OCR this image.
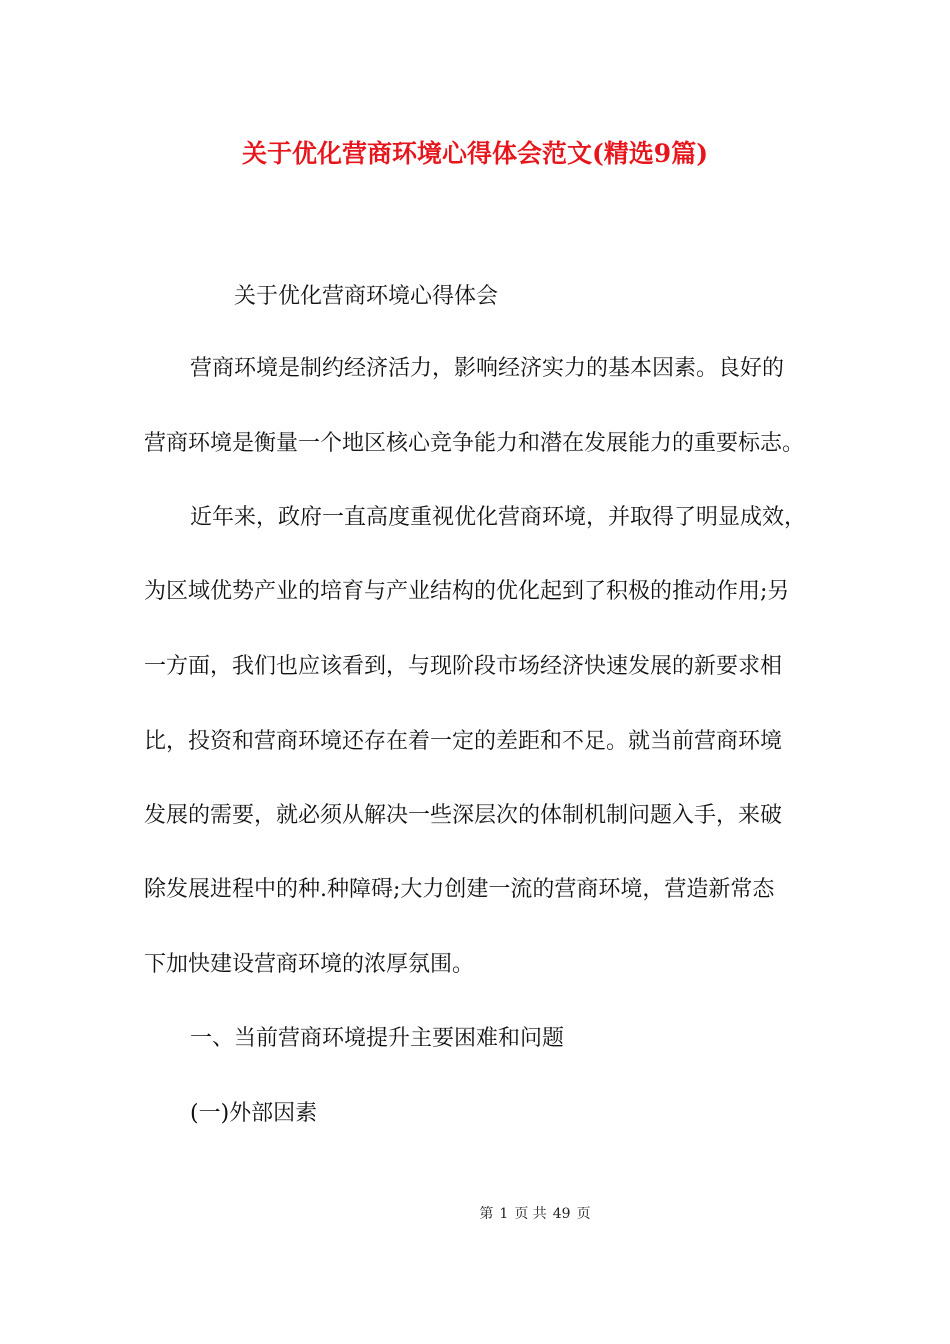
关于优化营商环境心得体会范文(精选9篇)
关于优化营商环境心得体会
营商环境是制约经济活力，影响经济实力的基本因素。良好的
营商环境是衡量一个地区核心竞争能力和潜在发展能力的重要标志。
近年来，政府一直高度重视优化营商环境，并取得了明显成效，
为区域优势产业的培育与产业结构的优化起到了积极的推动作用;另
一方面，我们也应该看到，与现阶段市场经济快速发展的新要求相
比，投资和营商环境还存在着一定的差距和不足。就当前营商环境
发展的需要，就必须从解决一些深层次的体制机制问题入手，来破
除发展进程中的种.种障碍;大力创建一流的营商环境，营造新常态
下加快建设营商环境的浓厚氛围。
一、当前营商环境提升主要困难和问题
(一)外部因素
第 1 页 共 49 页
